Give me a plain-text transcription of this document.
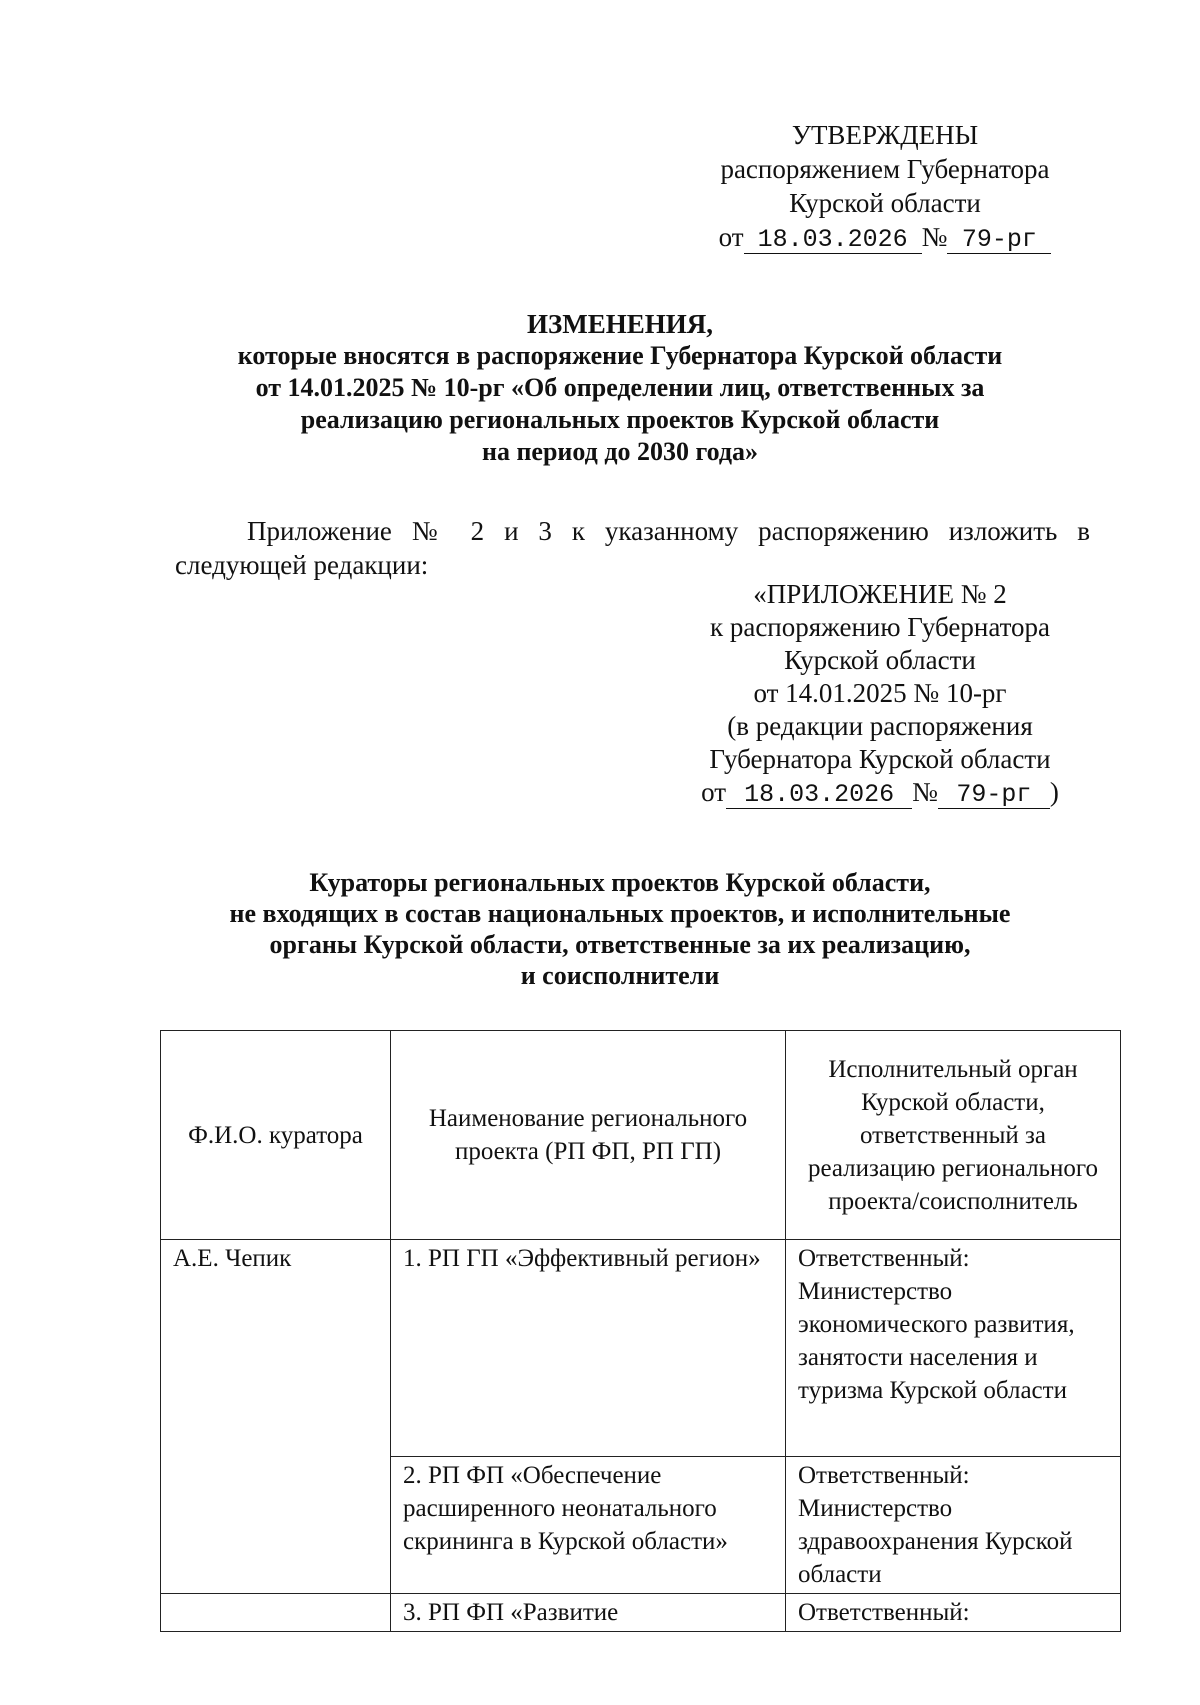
УТВЕРЖДЕНЫ
распоряжением Губернатора
Курской области
от 18.03.2026 № 79-рг
ИЗМЕНЕНИЯ,
которые вносятся в распоряжение Губернатора Курской области
от 14.01.2025 № 10-рг «Об определении лиц, ответственных за
реализацию региональных проектов Курской области
на период до 2030 года»
Приложение № 2 и 3 к указанному распоряжению изложить в
следующей редакции:
«ПРИЛОЖЕНИЕ № 2
к распоряжению Губернатора
Курской области
от 14.01.2025 № 10-рг
(в редакции распоряжения
Губернатора Курской области
от 18.03.2026 № 79-рг )
Кураторы региональных проектов Курской области,
не входящих в состав национальных проектов, и исполнительные
органы Курской области, ответственные за их реализацию,
и соисполнители
Ф.И.О. куратора	Наименование регионального проекта (РП ФП, РП ГП)	Исполнительный орган Курской области, ответственный за реализацию регионального проекта/соисполнитель
А.Е. Чепик	1. РП ГП «Эффективный регион»	Ответственный: Министерство экономического развития, занятости населения и туризма Курской области
	2. РП ФП «Обеспечение расширенного неонатального скрининга в Курской области»	Ответственный: Министерство здравоохранения Курской области
	3. РП ФП «Развитие	Ответственный:
